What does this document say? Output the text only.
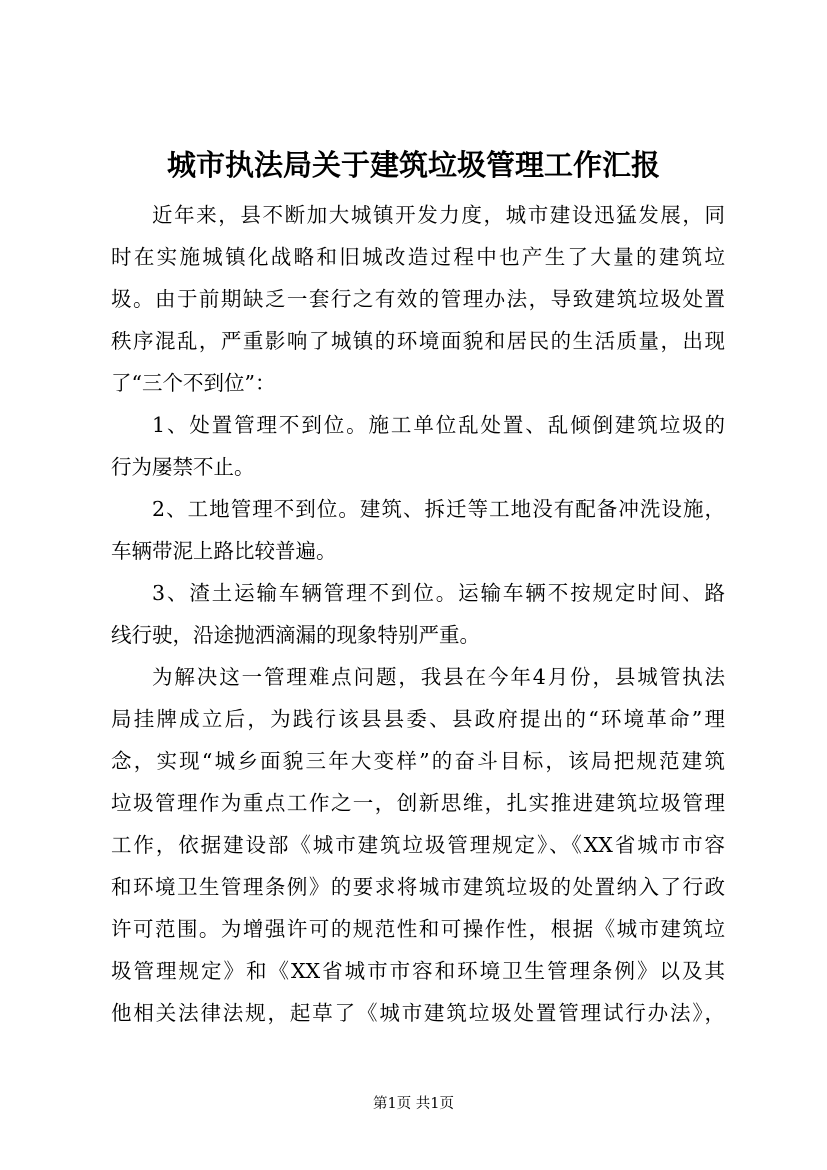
城市执法局关于建筑垃圾管理工作汇报
近年来，县不断加大城镇开发力度，城市建设迅猛发展，同
时在实施城镇化战略和旧城改造过程中也产生了大量的建筑垃
圾。由于前期缺乏一套行之有效的管理办法，导致建筑垃圾处置
秩序混乱，严重影响了城镇的环境面貌和居民的生活质量，出现
了“三个不到位”：
1、处置管理不到位。施工单位乱处置、乱倾倒建筑垃圾的
行为屡禁不止。
2、工地管理不到位。建筑、拆迁等工地没有配备冲洗设施，
车辆带泥上路比较普遍。
3、渣土运输车辆管理不到位。运输车辆不按规定时间、路
线行驶，沿途抛洒滴漏的现象特别严重。
为解决这一管理难点问题，我县在今年4月份，县城管执法
局挂牌成立后，为践行该县县委、县政府提出的“环境革命”理
念，实现“城乡面貌三年大变样”的奋斗目标，该局把规范建筑
垃圾管理作为重点工作之一，创新思维，扎实推进建筑垃圾管理
工作，依据建设部《城市建筑垃圾管理规定》、《XX省城市市容
和环境卫生管理条例》的要求将城市建筑垃圾的处置纳入了行政
许可范围。为增强许可的规范性和可操作性，根据《城市建筑垃
圾管理规定》和《XX省城市市容和环境卫生管理条例》以及其
他相关法律法规，起草了《城市建筑垃圾处置管理试行办法》，
第1页 共1页
